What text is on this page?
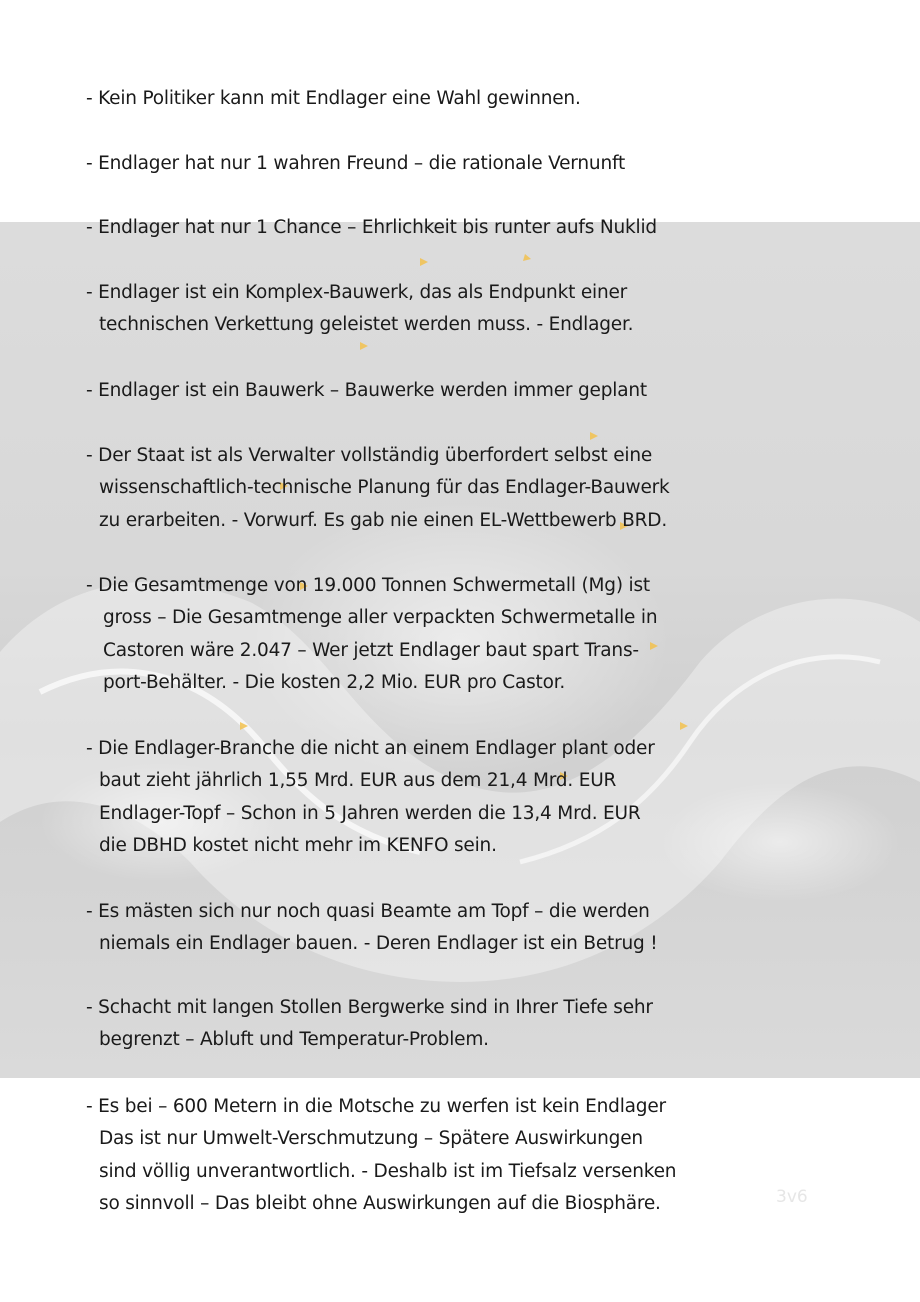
- Kein Politiker kann mit Endlager eine Wahl gewinnen.
- Endlager hat nur 1 wahren Freund – die rationale Vernunft
- Endlager hat nur 1 Chance – Ehrlichkeit bis runter aufs Nuklid
- Endlager ist ein Komplex-Bauwerk, das als Endpunkt einer
technischen Verkettung geleistet werden muss. - Endlager.
- Endlager ist ein Bauwerk – Bauwerke werden immer geplant
- Der Staat ist als Verwalter vollständig überfordert selbst eine
wissenschaftlich-technische Planung für das Endlager-Bauwerk
zu erarbeiten. - Vorwurf. Es gab nie einen EL-Wettbewerb BRD.
- Die Gesamtmenge von 19.000 Tonnen Schwermetall (Mg) ist
gross – Die Gesamtmenge aller verpackten Schwermetalle in
Castoren wäre 2.047 – Wer jetzt Endlager baut spart Trans-
port-Behälter. - Die kosten 2,2 Mio. EUR pro Castor.
- Die Endlager-Branche die nicht an einem Endlager plant oder
baut zieht jährlich 1,55 Mrd. EUR aus dem 21,4 Mrd. EUR
Endlager-Topf – Schon in 5 Jahren werden die 13,4 Mrd. EUR
die DBHD kostet nicht mehr im KENFO sein.
- Es mästen sich nur noch quasi Beamte am Topf – die werden
niemals ein Endlager bauen. - Deren Endlager ist ein Betrug !
- Schacht mit langen Stollen Bergwerke sind in Ihrer Tiefe sehr
begrenzt – Abluft und Temperatur-Problem.
- Es bei – 600 Metern in die Motsche zu werfen ist kein Endlager
Das ist nur Umwelt-Verschmutzung – Spätere Auswirkungen
sind völlig unverantwortlich. - Deshalb ist im Tiefsalz versenken
so sinnvoll – Das bleibt ohne Auswirkungen auf die Biosphäre.	3v6
